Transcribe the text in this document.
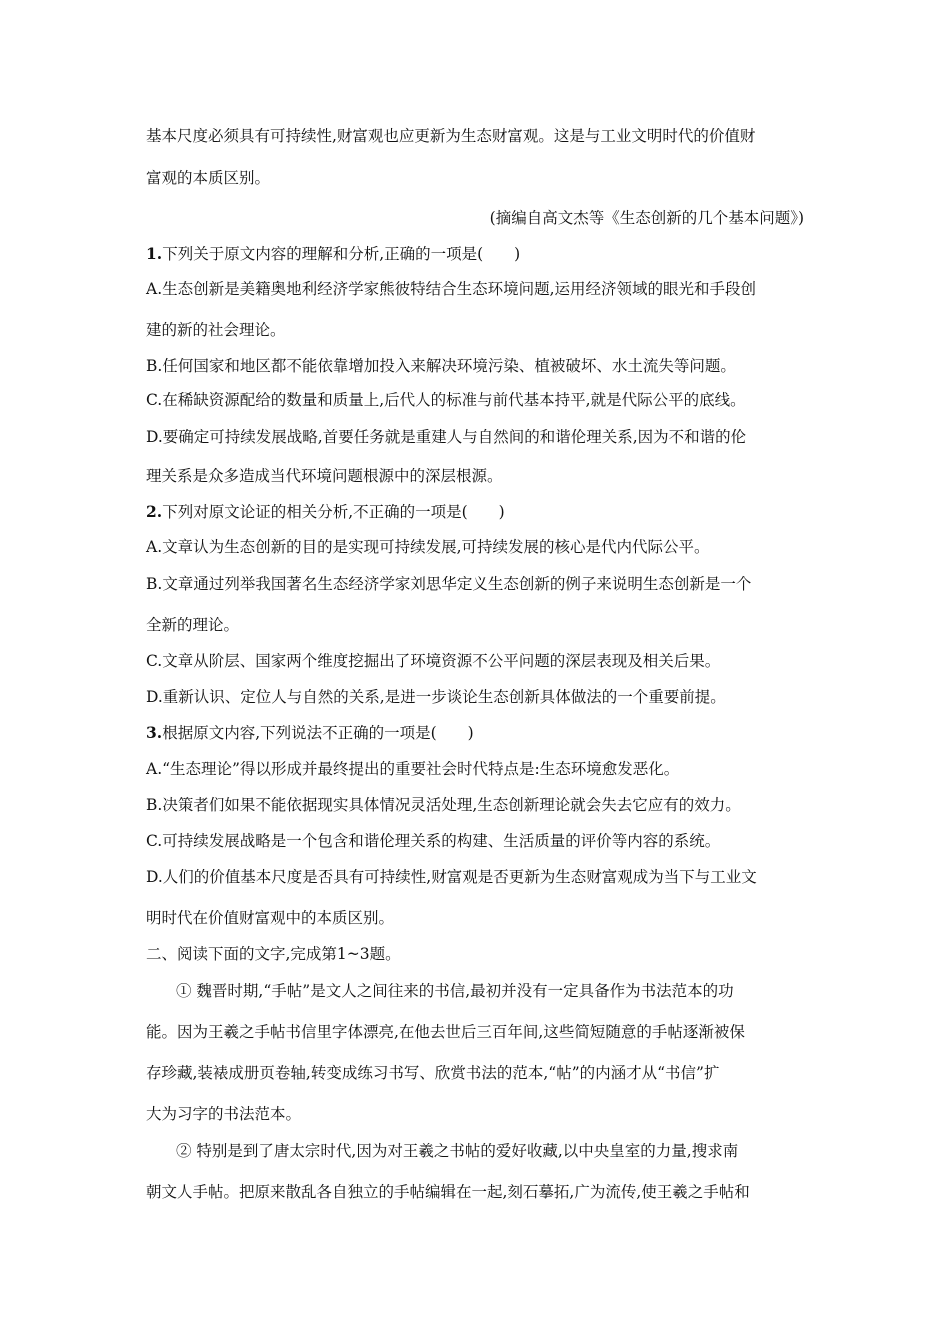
基本尺度必须具有可持续性,财富观也应更新为生态财富观。这是与工业文明时代的价值财
富观的本质区别。
(摘编自高文杰等《生态创新的几个基本问题》)
1.下列关于原文内容的理解和分析,正确的一项是(　　)
A.生态创新是美籍奥地利经济学家熊彼特结合生态环境问题,运用经济领域的眼光和手段创
建的新的社会理论。
B.任何国家和地区都不能依靠增加投入来解决环境污染、植被破坏、水土流失等问题。
C.在稀缺资源配给的数量和质量上,后代人的标准与前代基本持平,就是代际公平的底线。
D.要确定可持续发展战略,首要任务就是重建人与自然间的和谐伦理关系,因为不和谐的伦
理关系是众多造成当代环境问题根源中的深层根源。
2.下列对原文论证的相关分析,不正确的一项是(　　)
A.文章认为生态创新的目的是实现可持续发展,可持续发展的核心是代内代际公平。
B.文章通过列举我国著名生态经济学家刘思华定义生态创新的例子来说明生态创新是一个
全新的理论。
C.文章从阶层、国家两个维度挖掘出了环境资源不公平问题的深层表现及相关后果。
D.重新认识、定位人与自然的关系,是进一步谈论生态创新具体做法的一个重要前提。
3.根据原文内容,下列说法不正确的一项是(　　)
A.“生态理论”得以形成并最终提出的重要社会时代特点是:生态环境愈发恶化。
B.决策者们如果不能依据现实具体情况灵活处理,生态创新理论就会失去它应有的效力。
C.可持续发展战略是一个包含和谐伦理关系的构建、生活质量的评价等内容的系统。
D.人们的价值基本尺度是否具有可持续性,财富观是否更新为生态财富观成为当下与工业文
明时代在价值财富观中的本质区别。
二、阅读下面的文字,完成第1~3题。
① 魏晋时期,“手帖”是文人之间往来的书信,最初并没有一定具备作为书法范本的功
能。因为王羲之手帖书信里字体漂亮,在他去世后三百年间,这些简短随意的手帖逐渐被保
存珍藏,装裱成册页卷轴,转变成练习书写、欣赏书法的范本,“帖”的内涵才从“书信”扩
大为习字的书法范本。
② 特别是到了唐太宗时代,因为对王羲之书帖的爱好收藏,以中央皇室的力量,搜求南
朝文人手帖。把原来散乱各自独立的手帖编辑在一起,刻石摹拓,广为流传,使王羲之手帖和
